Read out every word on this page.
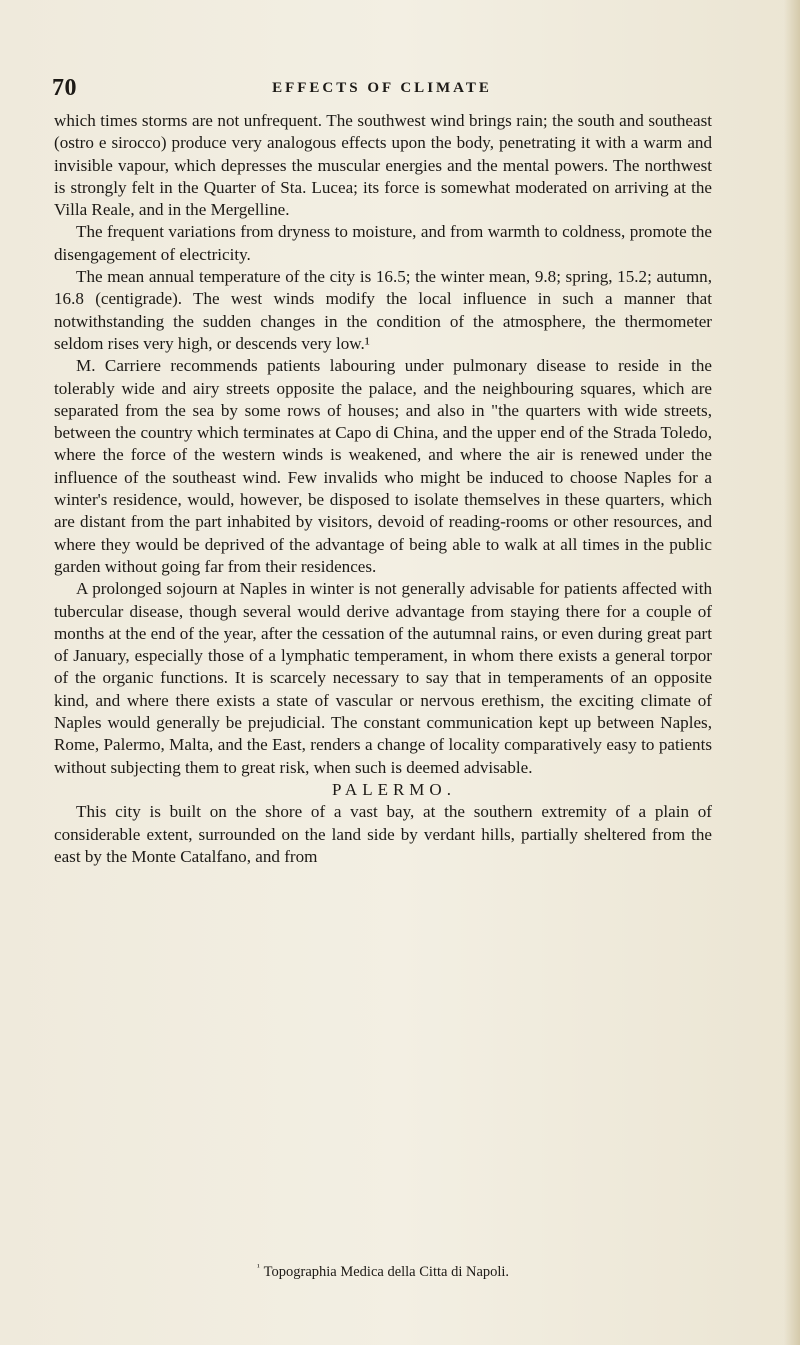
70	EFFECTS OF CLIMATE

which times storms are not unfrequent. The southwest wind brings rain; the south and southeast (ostro e sirocco) produce very analogous effects upon the body, penetrating it with a warm and invisible vapour, which depresses the muscular energies and the mental powers. The northwest is strongly felt in the Quarter of Sta. Lucea; its force is somewhat moderated on arriving at the Villa Reale, and in the Mergelline.

The frequent variations from dryness to moisture, and from warmth to coldness, promote the disengagement of electricity.

The mean annual temperature of the city is 16.5; the winter mean, 9.8; spring, 15.2; autumn, 16.8 (centigrade). The west winds modify the local influence in such a manner that notwithstanding the sudden changes in the condition of the atmosphere, the thermometer seldom rises very high, or descends very low.¹

M. Carriere recommends patients labouring under pulmonary disease to reside in the tolerably wide and airy streets opposite the palace, and the neighbouring squares, which are separated from the sea by some rows of houses; and also in "the quarters with wide streets, between the country which terminates at Capo di China, and the upper end of the Strada Toledo, where the force of the western winds is weakened, and where the air is renewed under the influence of the southeast wind. Few invalids who might be induced to choose Naples for a winter's residence, would, however, be disposed to isolate themselves in these quarters, which are distant from the part inhabited by visitors, devoid of reading-rooms or other resources, and where they would be deprived of the advantage of being able to walk at all times in the public garden without going far from their residences.

A prolonged sojourn at Naples in winter is not generally advisable for patients affected with tubercular disease, though several would derive advantage from staying there for a couple of months at the end of the year, after the cessation of the autumnal rains, or even during great part of January, especially those of a lymphatic temperament, in whom there exists a general torpor of the organic functions. It is scarcely necessary to say that in temperaments of an opposite kind, and where there exists a state of vascular or nervous erethism, the exciting climate of Naples would generally be prejudicial. The constant communication kept up between Naples, Rome, Palermo, Malta, and the East, renders a change of locality comparatively easy to patients without subjecting them to great risk, when such is deemed advisable.

PALERMO.

This city is built on the shore of a vast bay, at the southern extremity of a plain of considerable extent, surrounded on the land side by verdant hills, partially sheltered from the east by the Monte Catalfano, and from

$^{^1}$ Topographia Medica della Citta di Napoli.
